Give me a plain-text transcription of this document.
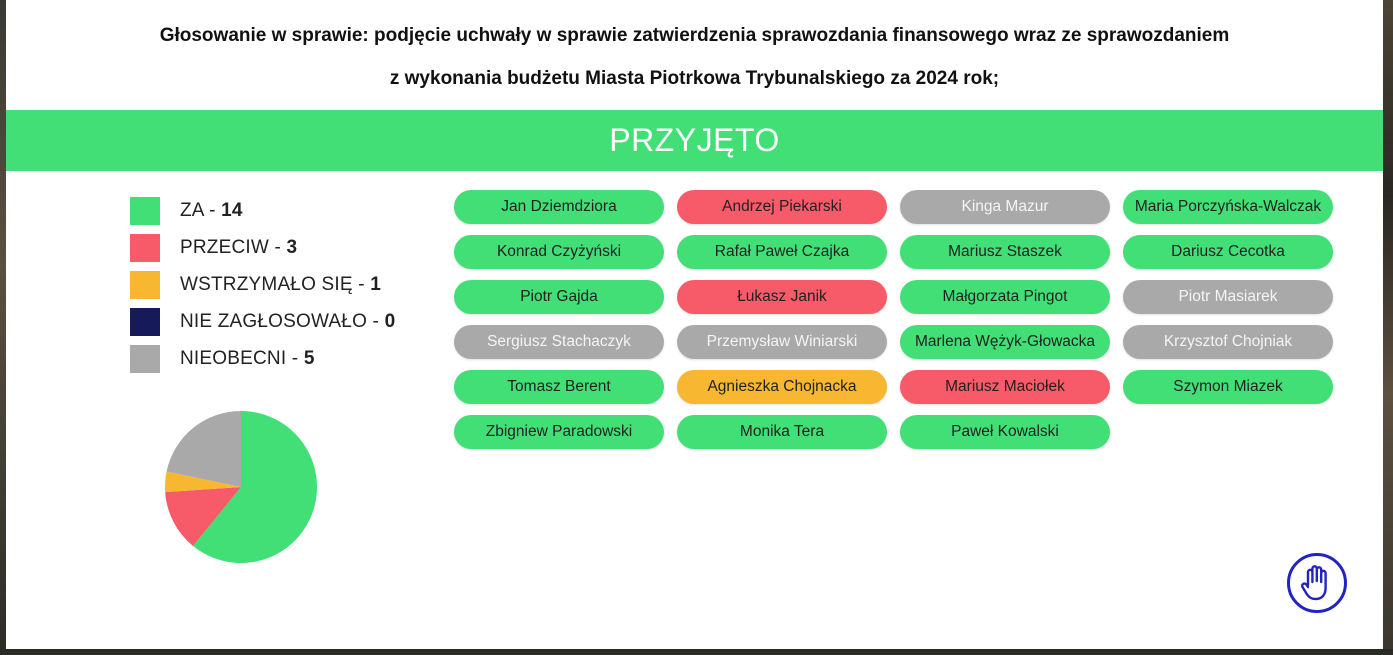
Głosowanie w sprawie: podjęcie uchwały w sprawie zatwierdzenia sprawozdania finansowego wraz ze sprawozdaniem
z wykonania budżetu Miasta Piotrkowa Trybunalskiego za 2024 rok;
PRZYJĘTO
ZA - 14
PRZECIW - 3
WSTRZYMAŁO SIĘ - 1
NIE ZAGŁOSOWAŁO - 0
NIEOBECNI - 5
Jan Dziemdziora	Andrzej Piekarski	Kinga Mazur	Maria Porczyńska-Walczak
Konrad Czyżyński	Rafał Paweł Czajka	Mariusz Staszek	Dariusz Cecotka
Piotr Gajda	Łukasz Janik	Małgorzata Pingot	Piotr Masiarek
Sergiusz Stachaczyk	Przemysław Winiarski	Marlena Wężyk-Głowacka	Krzysztof Chojniak
Tomasz Berent	Agnieszka Chojnacka	Mariusz Maciołek	Szymon Miazek
Zbigniew Paradowski	Monika Tera	Paweł Kowalski
